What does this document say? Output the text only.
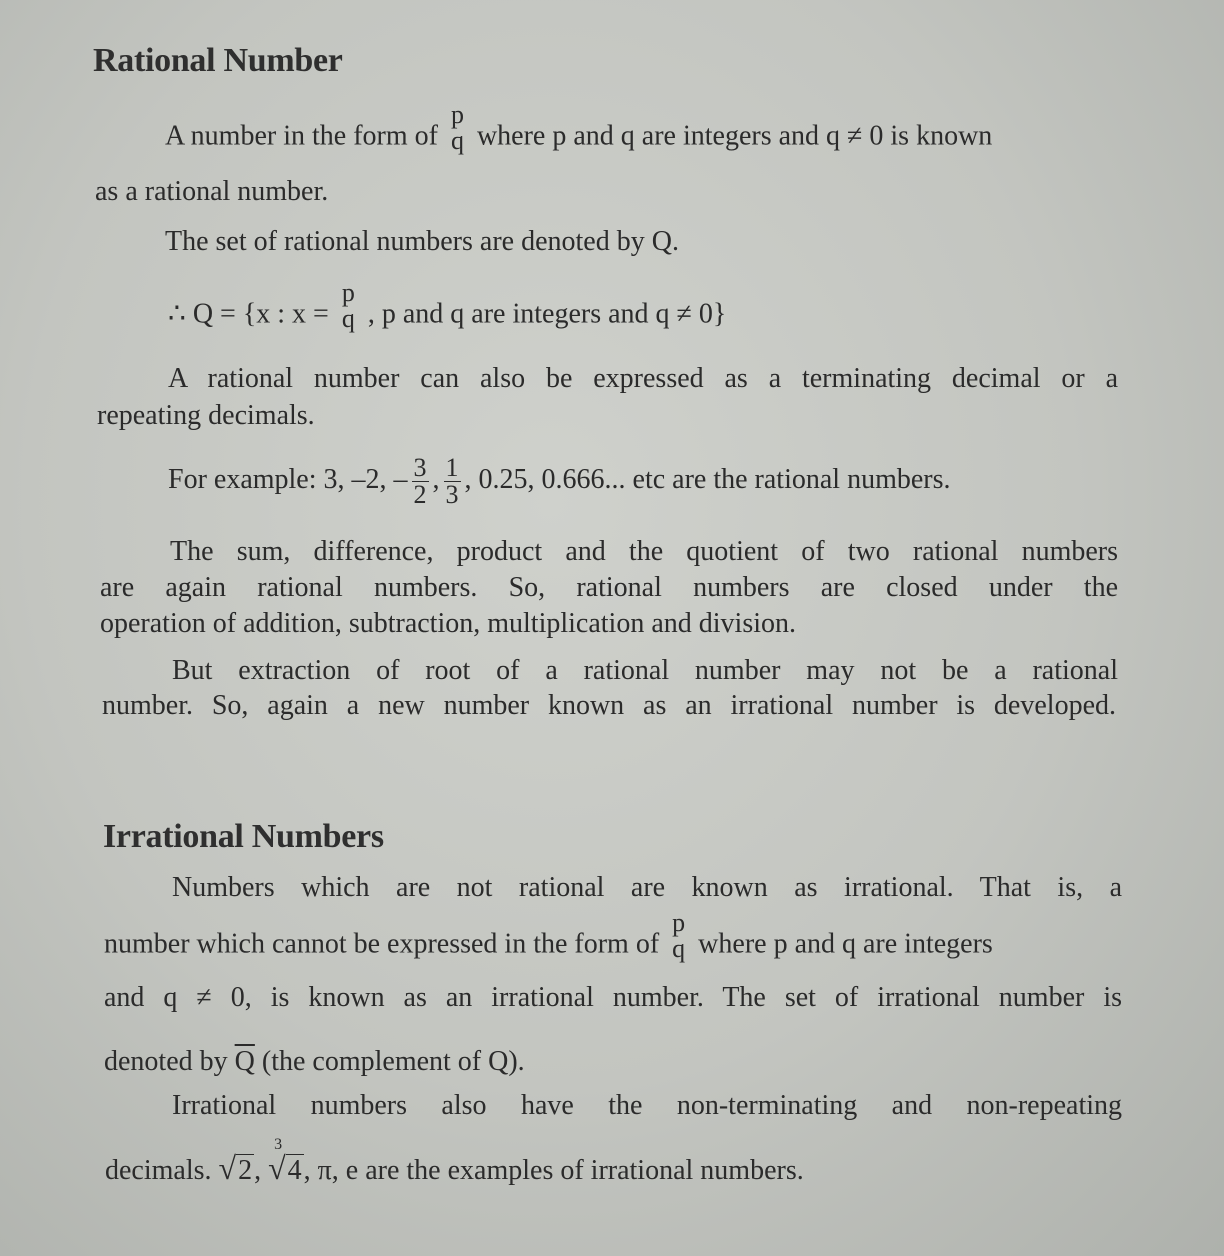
Rational Number
A number in the form of
p
q where p and q are integers and q ≠ 0 is known
as a rational number.
The set of rational numbers are denoted by Q.
∴ Q = {x : x =
p
q , p and q are integers and q ≠ 0}
A rational number can also be expressed as a terminating decimal or a
repeating decimals.
For example: 3, –2, – $\frac{3}{2}$ , $\frac{1}{3}$ , 0.25, 0.666... etc are the rational numbers.
The sum, difference, product and the quotient of two rational numbers
are again rational numbers. So, rational numbers are closed under the
operation of addition, subtraction, multiplication and division.
But extraction of root of a rational number may not be a rational
number. So, again a new number known as an irrational number is developed.
Irrational Numbers
Numbers which are not rational are known as irrational. That is, a
number which cannot be expressed in the form of
p
q where p and q are integers
and q ≠ 0, is known as an irrational number. The set of irrational number is
denoted by $\overline{Q}$ (the complement of Q).
Irrational numbers also have the non-terminating and non-repeating
decimals. √2,
3
√4, π, e are the examples of irrational numbers.
